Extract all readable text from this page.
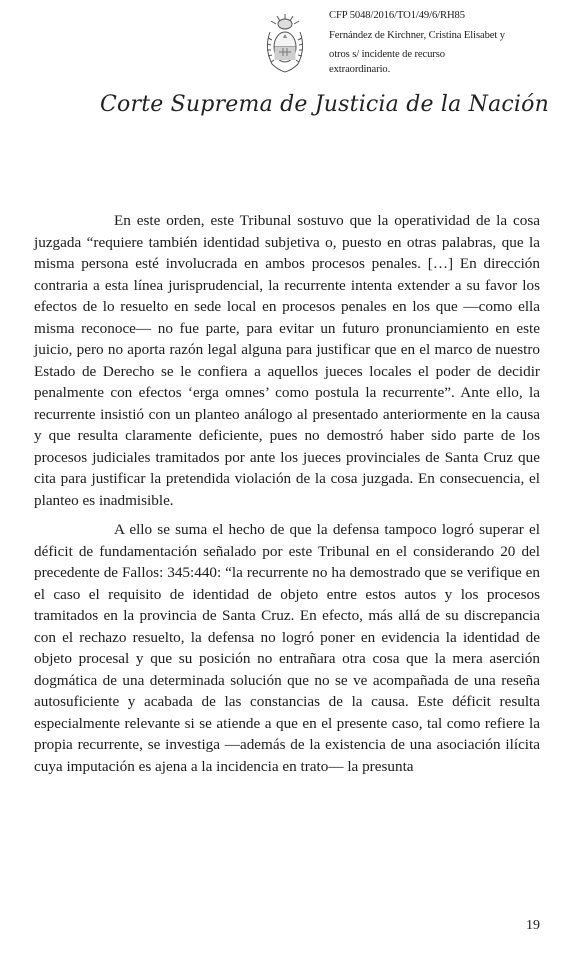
CFP 5048/2016/TO1/49/6/RH85
Fernández de Kirchner, Cristina Elisabet y
otros s/ incidente de recurso
extraordinario.
Corte Suprema de Justicia de la Nación

En este orden, este Tribunal sostuvo que la operatividad de la cosa juzgada “requiere también identidad subjetiva o, puesto en otras palabras, que la misma persona esté involucrada en ambos procesos penales. […] En dirección contraria a esta línea jurisprudencial, la recurrente intenta extender a su favor los efectos de lo resuelto en sede local en procesos penales en los que —como ella misma reconoce— no fue parte, para evitar un futuro pronunciamiento en este juicio, pero no aporta razón legal alguna para justificar que en el marco de nuestro Estado de Derecho se le confiera a aquellos jueces locales el poder de decidir penalmente con efectos ‘erga omnes’ como postula la recurrente”. Ante ello, la recurrente insistió con un planteo análogo al presentado anteriormente en la causa y que resulta claramente deficiente, pues no demostró haber sido parte de los procesos judiciales tramitados por ante los jueces provinciales de Santa Cruz que cita para justificar la pretendida violación de la cosa juzgada. En consecuencia, el planteo es inadmisible.

A ello se suma el hecho de que la defensa tampoco logró superar el déficit de fundamentación señalado por este Tribunal en el considerando 20 del precedente de Fallos: 345:440: “la recurrente no ha demostrado que se verifique en el caso el requisito de identidad de objeto entre estos autos y los procesos tramitados en la provincia de Santa Cruz. En efecto, más allá de su discrepancia con el rechazo resuelto, la defensa no logró poner en evidencia la identidad de objeto procesal y que su posición no entrañara otra cosa que la mera aserción dogmática de una determinada solución que no se ve acompañada de una reseña autosuficiente y acabada de las constancias de la causa. Este déficit resulta especialmente relevante si se atiende a que en el presente caso, tal como refiere la propia recurrente, se investiga —además de la existencia de una asociación ilícita cuya imputación es ajena a la incidencia en trato— la presunta

19
